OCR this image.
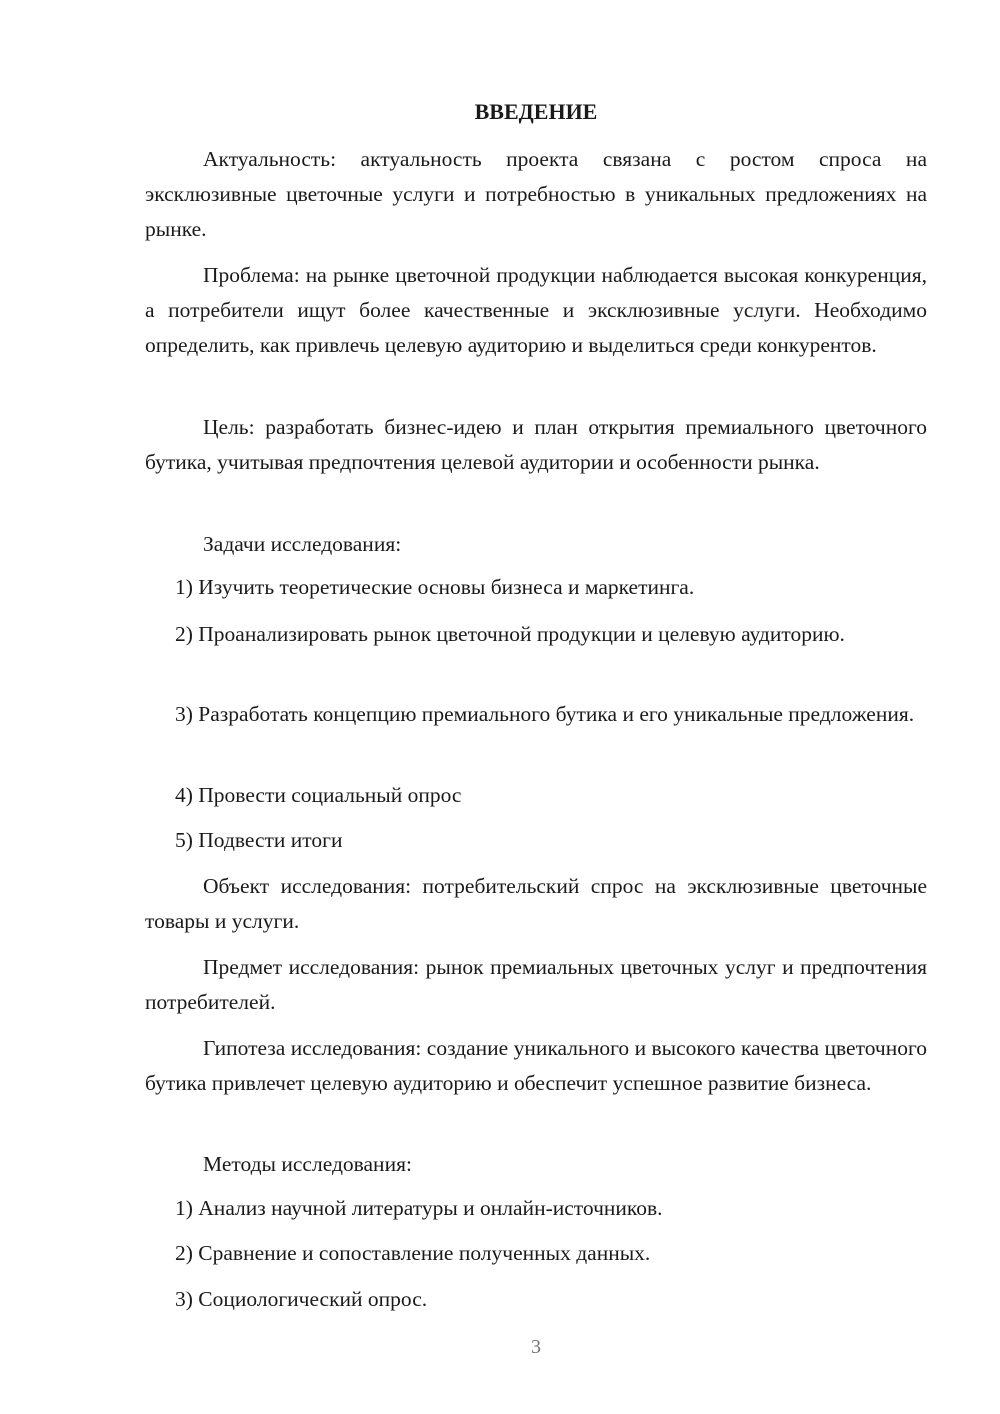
ВВЕДЕНИЕ

Актуальность: актуальность проекта связана с ростом спроса на эксклюзивные цветочные услуги и потребностью в уникальных предложениях на рынке.

Проблема: на рынке цветочной продукции наблюдается высокая конкуренция, а потребители ищут более качественные и эксклюзивные услуги. Необходимо определить, как привлечь целевую аудиторию и выделиться среди конкурентов.

Цель: разработать бизнес-идею и план открытия премиального цветочного бутика, учитывая предпочтения целевой аудитории и особенности рынка.

Задачи исследования:

1) Изучить теоретические основы бизнеса и маркетинга.

2) Проанализировать рынок цветочной продукции и целевую аудиторию.

3) Разработать концепцию премиального бутика и его уникальные предложения.

4) Провести социальный опрос

5) Подвести итоги

Объект исследования: потребительский спрос на эксклюзивные цветочные товары и услуги.

Предмет исследования: рынок премиальных цветочных услуг и предпочтения потребителей.

Гипотеза исследования: создание уникального и высокого качества цветочного бутика привлечет целевую аудиторию и обеспечит успешное развитие бизнеса.

Методы исследования:

1) Анализ научной литературы и онлайн-источников.

2) Сравнение и сопоставление полученных данных.

3) Социологический опрос.

3
